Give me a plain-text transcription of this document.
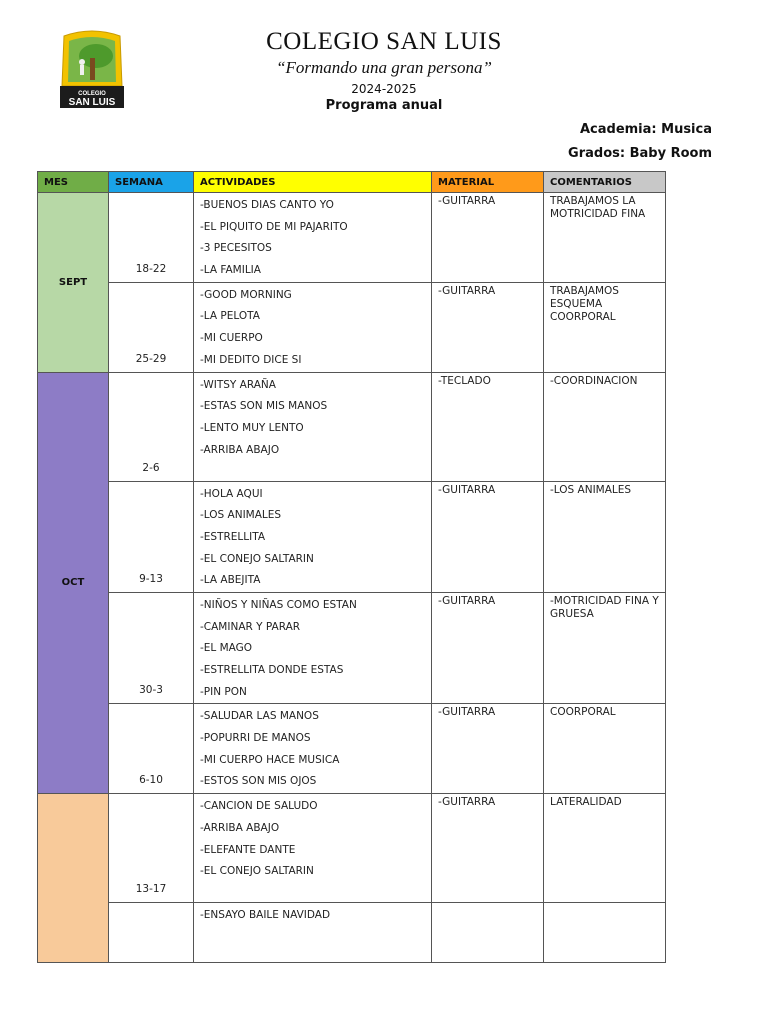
COLEGIO
SAN LUIS
COLEGIO SAN LUIS
“Formando una gran persona”
2024-2025
Programa anual
Academia: Musica
Grados: Baby Room
MES	SEMANA	ACTIVIDADES	MATERIAL	COMENTARIOS
SEPT	18-22	-BUENOS DIAS CANTO YO
-EL PIQUITO DE MI PAJARITO
-3 PECESITOS
-LA FAMILIA	-GUITARRA	TRABAJAMOS LA MOTRICIDAD FINA
	25-29	-GOOD MORNING
-LA PELOTA
-MI CUERPO
-MI DEDITO DICE SI	-GUITARRA	TRABAJAMOS ESQUEMA COORPORAL
OCT	2-6	-WITSY ARAÑA
-ESTAS SON MIS MANOS
-LENTO MUY LENTO
-ARRIBA ABAJO	-TECLADO	-COORDINACION
	9-13	-HOLA AQUI
-LOS ANIMALES
-ESTRELLITA
-EL CONEJO SALTARIN
-LA ABEJITA	-GUITARRA	-LOS ANIMALES
	30-3	-NIÑOS Y NIÑAS COMO ESTAN
-CAMINAR Y PARAR
-EL MAGO
-ESTRELLITA DONDE ESTAS
-PIN PON	-GUITARRA	-MOTRICIDAD FINA Y GRUESA
	6-10	-SALUDAR LAS MANOS
-POPURRI DE MANOS
-MI CUERPO HACE MUSICA
-ESTOS SON MIS OJOS	-GUITARRA	COORPORAL
	13-17	-CANCION DE SALUDO
-ARRIBA ABAJO
-ELEFANTE DANTE
-EL CONEJO SALTARIN	-GUITARRA	LATERALIDAD

		-ENSAYO BAILE NAVIDAD		
